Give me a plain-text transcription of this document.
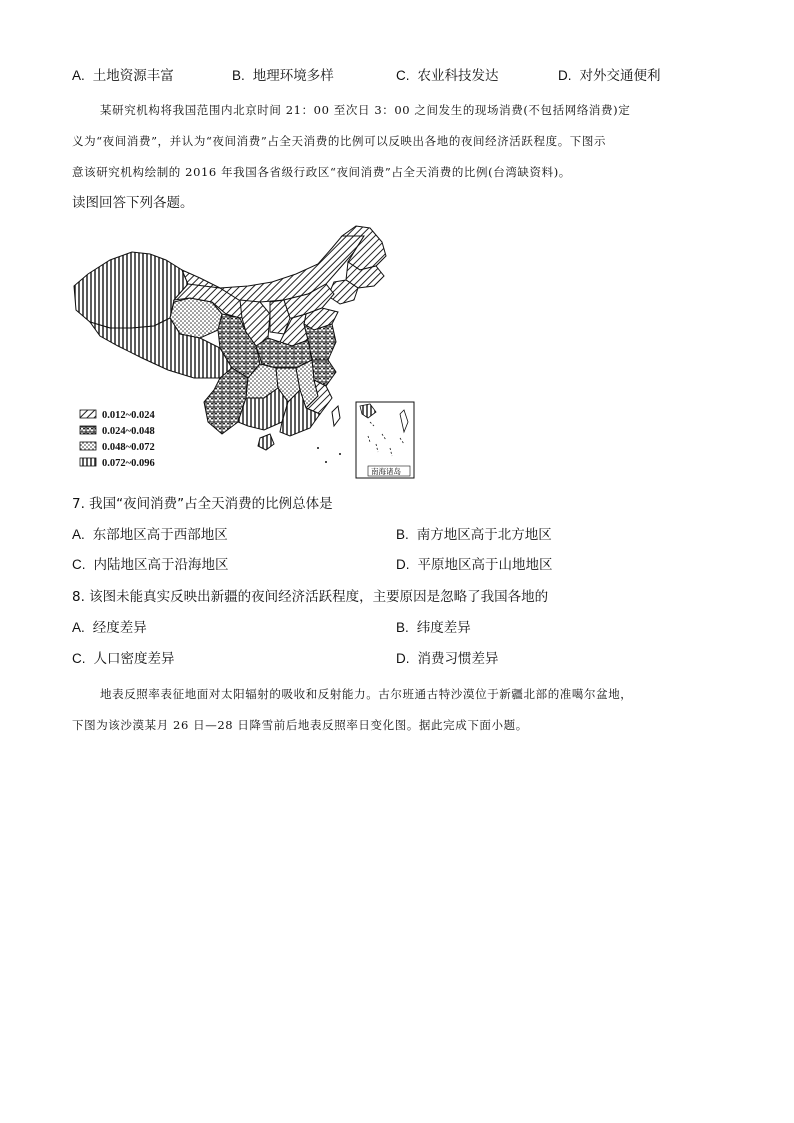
A. 土地资源丰富	B. 地理环境多样	C. 农业科技发达	D. 对外交通便利
某研究机构将我国范围内北京时间 21：00 至次日 3：00 之间发生的现场消费(不包括网络消费)定
义为“夜间消费”，并认为“夜间消费”占全天消费的比例可以反映出各地的夜间经济活跃程度。下图示
意该研究机构绘制的 2016 年我国各省级行政区“夜间消费”占全天消费的比例(台湾缺资料)。
读图回答下列各题。
0.012~0.024
0.024~0.048
0.048~0.072
0.072~0.096
南海诸岛
7. 我国“夜间消费”占全天消费的比例总体是
A. 东部地区高于西部地区	B. 南方地区高于北方地区
C. 内陆地区高于沿海地区	D. 平原地区高于山地地区
8. 该图未能真实反映出新疆的夜间经济活跃程度，主要原因是忽略了我国各地的
A. 经度差异	B. 纬度差异
C. 人口密度差异	D. 消费习惯差异
地表反照率表征地面对太阳辐射的吸收和反射能力。古尔班通古特沙漠位于新疆北部的准噶尔盆地，
下图为该沙漠某月 26 日—28 日降雪前后地表反照率日变化图。据此完成下面小题。
